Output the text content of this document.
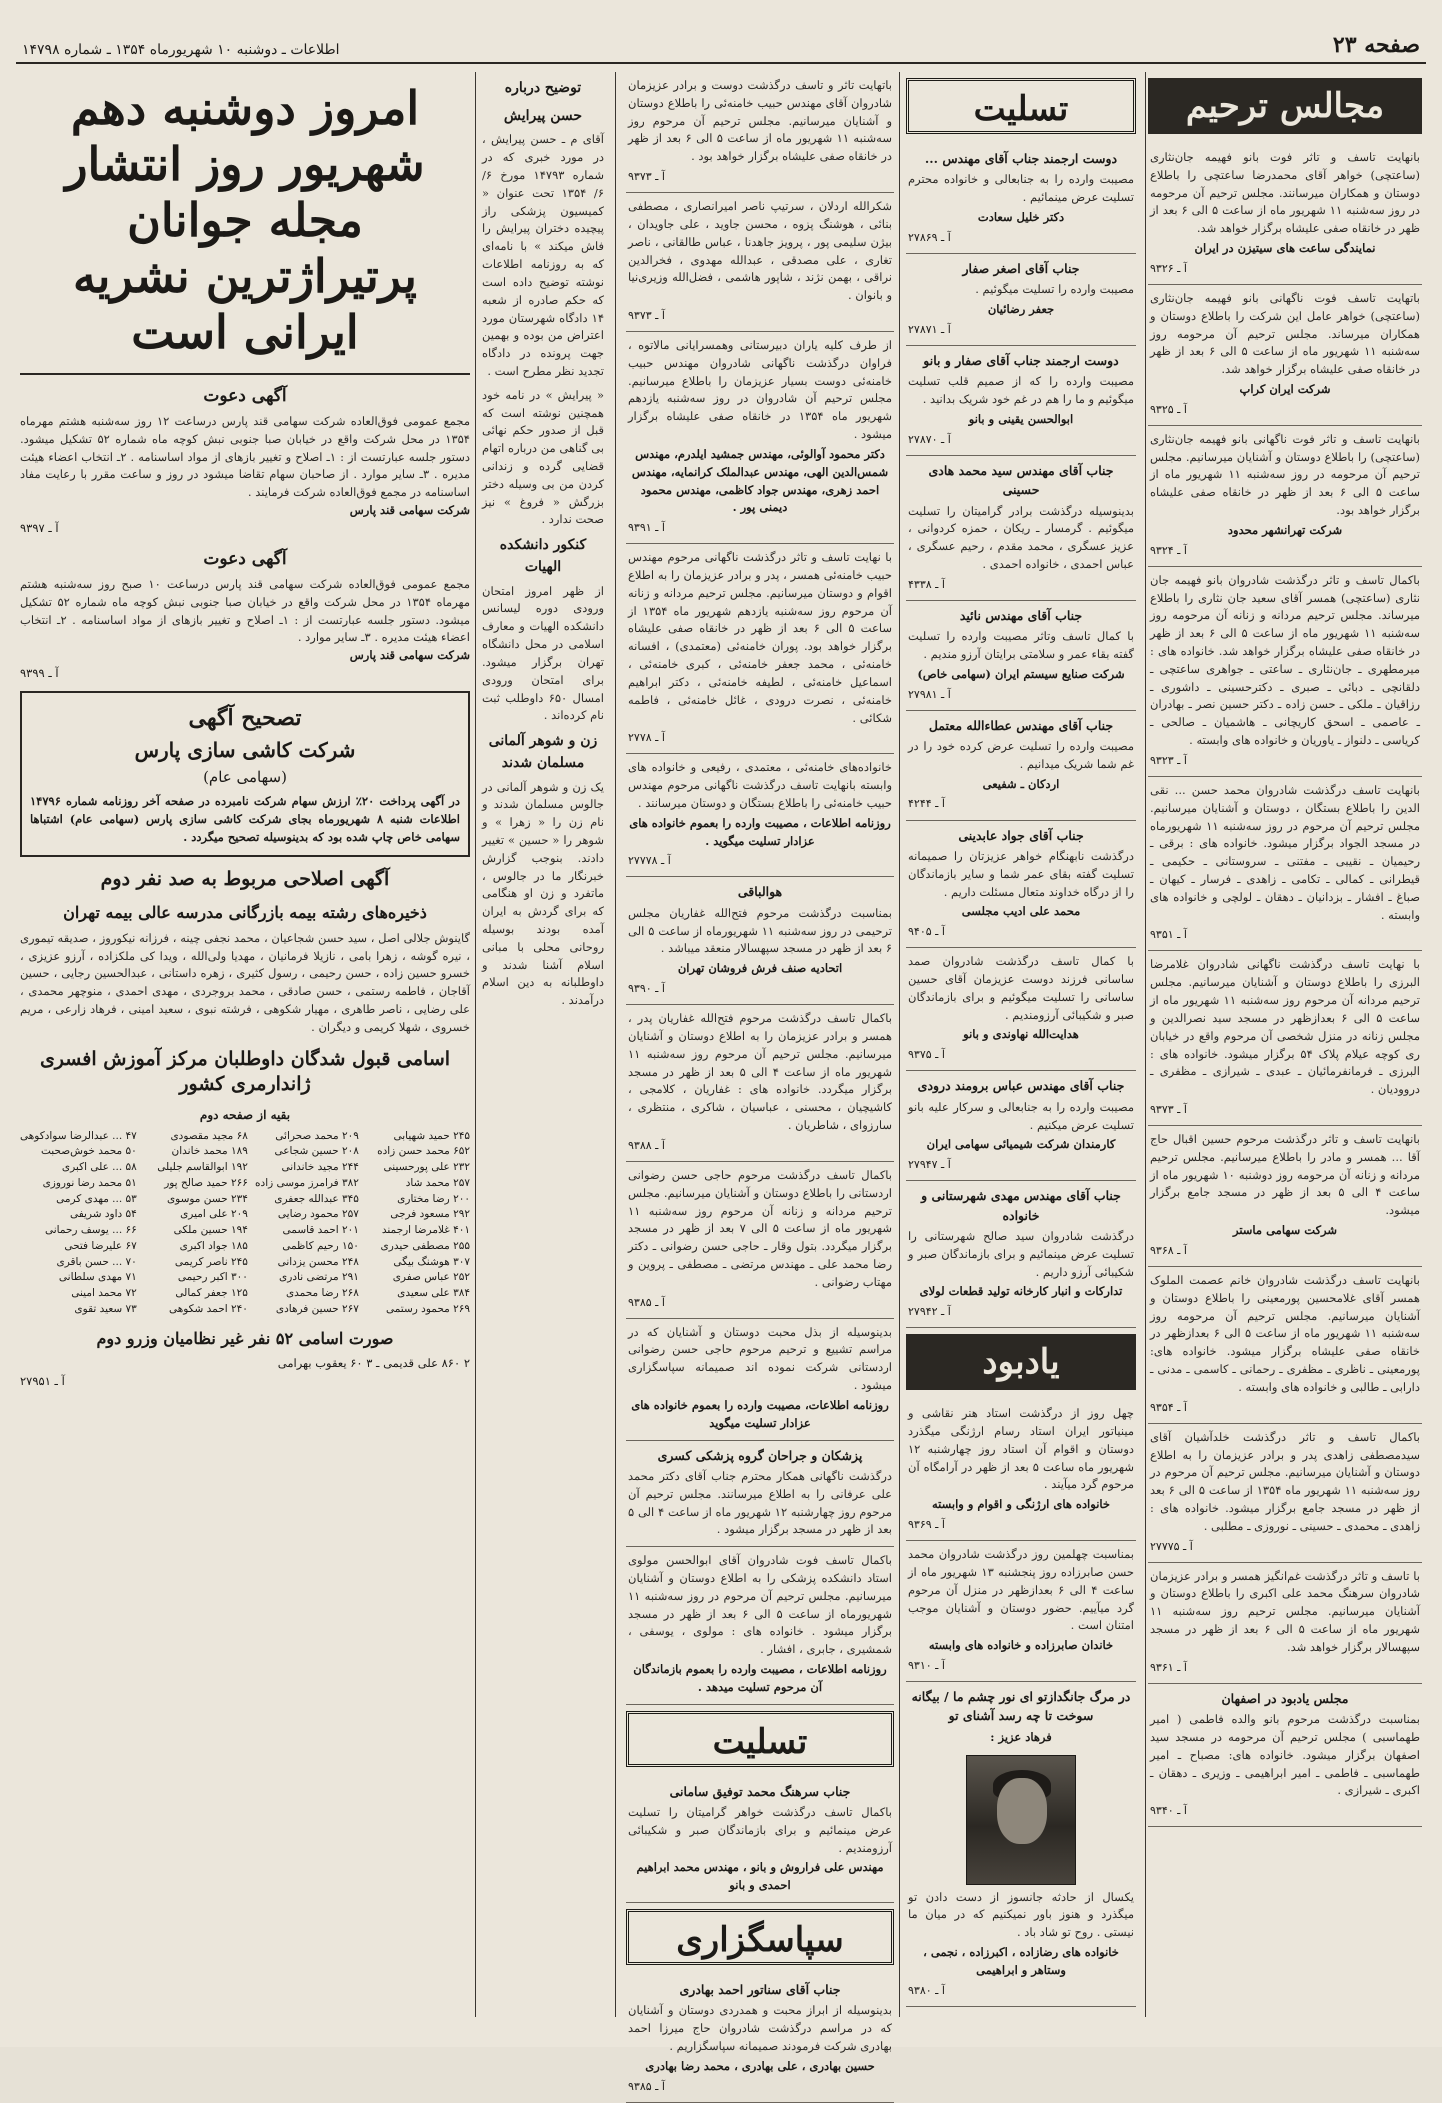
صفحه ۲۳
اطلاعات ـ دوشنبه ۱۰ شهریورماه ۱۳۵۴ ـ شماره ۱۴۷۹۸
مجالس ترحیم
بانهایت تاسف و تاثر فوت بانو فهیمه جان‌نثاری (ساعتچی) خواهر آقای محمدرضا ساعتچی را باطلاع دوستان و همکاران میرسانند. مجلس ترحیم آن مرحومه در روز سه‌شنبه ۱۱ شهریور ماه از ساعت ۵ الی ۶ بعد از ظهر در خانقاه صفی علیشاه برگزار خواهد شد.
نمایندگی ساعت های سیتیزن در ایران
آ ـ ۹۳۲۶
باتهایت تاسف فوت ناگهانی بانو فهیمه جان‌نثاری (ساعتچی) خواهر عامل این شرکت را باطلاع دوستان و همکاران میرساند. مجلس ترحیم آن مرحومه روز سه‌شنبه ۱۱ شهریور ماه از ساعت ۵ الی ۶ بعد از ظهر در خانقاه صفی علیشاه برگزار خواهد شد.
شرکت ایران کراپ
آ ـ ۹۳۲۵
بانهایت تاسف و تاثر فوت ناگهانی بانو فهیمه جان‌نثاری (ساعتچی) را باطلاع دوستان و آشنایان میرسانیم. مجلس ترحیم آن مرحومه در روز سه‌شنبه ۱۱ شهریور ماه از ساعت ۵ الی ۶ بعد از ظهر در خانقاه صفی علیشاه برگزار خواهد بود.
شرکت تهرانشهر محدود
آ ـ ۹۳۲۴
باکمال تاسف و تاثر درگذشت شادروان بانو فهیمه جان نثاری (ساعتچی) همسر آقای سعید جان نثاری را باطلاع میرساند. مجلس ترحیم مردانه و زنانه آن مرحومه روز سه‌شنبه ۱۱ شهریور ماه از ساعت ۵ الی ۶ بعد از ظهر در خانقاه صفی علیشاه برگزار خواهد شد. خانواده های : میرمطهری ـ جان‌نثاری ـ ساعتی ـ جواهری ساعتچی ـ دلقانچی ـ دبائی ـ صبری ـ دکترحسینی ـ داشوری ـ رزاقیان ـ ملکی ـ حسن زاده ـ دکتر حسین نصر ـ بهادران ـ عاصمی ـ اسحق کاریچانی ـ هاشمیان ـ صالحی ـ کریاسی ـ دلنواز ـ یاوریان و خانواده های وابسته .
آ ـ ۹۳۲۳
بانهایت تاسف درگذشت شادروان محمد حسن ... نقی الدین را باطلاع بستگان ، دوستان و آشنایان میرسانیم. مجلس ترحیم آن مرحوم در روز سه‌شنبه ۱۱ شهریورماه در مسجد الجواد برگزار میشود. خانواده های : برقی ـ رحیمیان ـ نقیبی ـ مفتنی ـ سروستانی ـ حکیمی ـ قیطرانی ـ کمالی ـ تکامی ـ زاهدی ـ فرسار ـ کیهان ـ صباغ ـ افشار ـ بزدانیان ـ دهقان ـ لولچی و خانواده های وابسته .
آ ـ ۹۳۵۱
با نهایت تاسف درگذشت ناگهانی شادروان غلامرضا البرزی را باطلاع دوستان و آشنایان میرسانیم. مجلس ترحیم مردانه آن مرحوم روز سه‌شنبه ۱۱ شهریور ماه از ساعت ۵ الی ۶ بعدازظهر در مسجد سید نصرالدین و مجلس زنانه در منزل شخصی آن مرحوم واقع در خیابان ری کوچه عیلام پلاک ۵۴ برگزار میشود. خانواده های : البرزی ـ فرمانفرمائیان ـ عبدی ـ شیرازی ـ مظفری ـ دروودیان .
آ ـ ۹۳۷۳
بانهایت تاسف و تاثر درگذشت مرحوم حسین اقبال حاج آقا ... همسر و مادر را باطلاع میرسانیم. مجلس ترحیم مردانه و زنانه آن مرحومه روز دوشنبه ۱۰ شهریور ماه از ساعت ۴ الی ۵ بعد از ظهر در مسجد جامع برگزار میشود.
شرکت سهامی ماستر
آ ـ ۹۳۶۸
بانهایت تاسف درگذشت شادروان خانم عصمت الملوک همسر آقای غلامحسین پورمعینی را باطلاع دوستان و آشنایان میرسانیم. مجلس ترحیم آن مرحومه روز سه‌شنبه ۱۱ شهریور ماه از ساعت ۵ الی ۶ بعدازظهر در خانقاه صفی علیشاه برگزار میشود. خانواده های: پورمعینی ـ ناظری ـ مظفری ـ رحمانی ـ کاسمی ـ مدنی ـ دارابی ـ طالبی و خانواده های وابسته .
آ ـ ۹۳۵۴
باکمال تاسف و تاثر درگذشت خلدآشیان آقای سیدمصطفی زاهدی پدر و برادر عزیزمان را به اطلاع دوستان و آشنایان میرسانیم. مجلس ترحیم آن مرحوم در روز سه‌شنبه ۱۱ شهریور ماه ۱۳۵۴ از ساعت ۵ الی ۶ بعد از ظهر در مسجد جامع برگزار میشود. خانواده های : زاهدی ـ محمدی ـ حسینی ـ نوروزی ـ مطلبی .
آ ـ ۲۷۷۷۵
با تاسف و تاثر درگذشت غم‌انگیز همسر و برادر عزیزمان شادروان سرهنگ محمد علی اکبری را باطلاع دوستان و آشنایان میرسانیم. مجلس ترحیم روز سه‌شنبه ۱۱ شهریور ماه از ساعت ۵ الی ۶ بعد از ظهر در مسجد سپهسالار برگزار خواهد شد.
آ ـ ۹۳۶۱
مجلس یادبود در اصفهان
بمناسبت درگذشت مرحوم بانو والده فاطمی ( امیر طهماسبی ) مجلس ترحیم آن مرحومه در مسجد سید اصفهان برگزار میشود. خانواده های: مصباح ـ امیر طهماسبی ـ فاطمی ـ امیر ابراهیمی ـ وزیری ـ دهقان ـ اکبری ـ شیرازی .
آ ـ ۹۳۴۰
تسلیت
دوست ارجمند جناب آقای مهندس ...
مصیبت وارده را به جنابعالی و خانواده محترم تسلیت عرض مینمائیم .
دکتر خلیل سعادت
آ ـ ۲۷۸۶۹
جناب آقای اصغر صفار
مصیبت وارده را تسلیت میگوئیم .
جعفر رضائیان
آ ـ ۲۷۸۷۱
دوست ارجمند جناب آقای صفار و بانو
مصیبت وارده را که از صمیم قلب تسلیت میگوئیم و ما را هم در غم خود شریک بدانید .
ابوالحسن یقینی و بانو
آ ـ ۲۷۸۷۰
جناب آقای مهندس سید محمد هادی حسینی
بدینوسیله درگذشت برادر گرامیتان را تسلیت میگوئیم . گرمسار ـ ریکان ، حمزه کردوانی ، عزیز عسگری ، محمد مقدم ، رحیم عسگری ، عباس احمدی ، خانواده احمدی .
آ ـ ۴۳۳۸
جناب آقای مهندس نائید
با کمال تاسف وتاثر مصیبت وارده را تسلیت گفته بقاء عمر و سلامتی برایتان آرزو مندیم .
شرکت صنایع سیستم ایران (سهامی خاص)
آ ـ ۲۷۹۸۱
جناب آقای مهندس عطاءالله معتمل
مصیبت وارده را تسلیت عرض کرده خود را در غم شما شریک میدانیم .
اردکان ـ شفیعی
آ ـ ۴۲۴۴
جناب آقای جواد عابدینی
درگذشت نابهنگام خواهر عزیزتان را صمیمانه تسلیت گفته بقای عمر شما و سایر بازماندگان را از درگاه خداوند متعال مسئلت داریم .
محمد علی ادیب مجلسی
آ ـ ۹۴۰۵
با کمال تاسف درگذشت شادروان صمد ساسانی فرزند دوست عزیزمان آقای حسین ساسانی را تسلیت میگوئیم و برای بازماندگان صبر و شکیبائی آرزومندیم .
هدایت‌الله نهاوندی و بانو
آ ـ ۹۳۷۵
جناب آقای مهندس عباس برومند درودی
مصیبت وارده را به جنابعالی و سرکار علیه بانو تسلیت عرض میکنیم .
کارمندان شرکت شیمیائی سهامی ایران
آ ـ ۲۷۹۴۷
جناب آقای مهندس مهدی شهرستانی و خانواده
درگذشت شادروان سید صالح شهرستانی را تسلیت عرض مینمائیم و برای بازماندگان صبر و شکیبائی آرزو داریم .
تدارکات و انبار کارخانه تولید قطعات لولای
آ ـ ۲۷۹۴۲
یادبود
چهل روز از درگذشت استاد هنر نقاشی و مینیاتور ایران استاد رسام ارژنگی میگذرد دوستان و اقوام آن استاد روز چهارشنبه ۱۲ شهریور ماه ساعت ۵ بعد از ظهر در آرامگاه آن مرحوم گرد میآیند .
خانواده های ارژنگی و اقوام و وابسته
آ ـ ۹۳۶۹
بمناسبت چهلمین روز درگذشت شادروان محمد حسن صابرزاده روز پنجشنبه ۱۳ شهریور ماه از ساعت ۴ الی ۶ بعدازظهر در منزل آن مرحوم گرد میآییم. حضور دوستان و آشنایان موجب امتنان است .
خاندان صابرزاده و خانواده های وابسته
آ ـ ۹۳۱۰
در مرگ جانگدازتو ای نور چشم ما / بیگانه سوخت تا چه رسد آشنای تو
فرهاد عزیز :
یکسال از حادثه جانسوز از دست دادن تو میگذرد و هنوز باور نمیکنیم که در میان ما نیستی . روح تو شاد باد .
خانواده های رضازاده ، اکبرزاده ، نجمی ، وستاهر و ابراهیمی
آ ـ ۹۳۸۰
باتهایت تاثر و تاسف درگذشت دوست و برادر عزیزمان شادروان آقای مهندس حبیب خامنه‌ئی را باطلاع دوستان و آشنایان میرسانیم. مجلس ترحیم آن مرحوم روز سه‌شنبه ۱۱ شهریور ماه از ساعت ۵ الی ۶ بعد از ظهر در خانقاه صفی علیشاه برگزار خواهد بود .
آ ـ ۹۳۷۳
شکرالله اردلان ، سرتیپ ناصر امیرانصاری ، مصطفی بنائی ، هوشنگ پزوه ، محسن جاوید ، علی جاویدان ، بیژن سلیمی پور ، پرویز جاهدنا ، عباس طالقانی ، ناصر تغاری ، علی مصدقی ، عبدالله مهدوی ، فخرالدین نراقی ، بهمن نژند ، شاپور هاشمی ، فضل‌الله وزیری‌نیا و بانوان .
آ ـ ۹۳۷۳
از طرف کلیه یاران دبیرستانی وهمسرایانی مالاتوه ، فراوان درگذشت ناگهانی شادروان مهندس حبیب خامنه‌ئی دوست بسیار عزیزمان را باطلاع میرسانیم. مجلس ترحیم آن شادروان در روز سه‌شنبه یازدهم شهریور ماه ۱۳۵۴ در خانقاه صفی علیشاه برگزار میشود .
دکتر محمود آوالوئی، مهندس جمشید ایلدرم، مهندس شمس‌الدین الهی، مهندس عبدالملک کرانمایه، مهندس احمد زهری، مهندس جواد کاظمی، مهندس محمود دیمنی پور .
آ ـ ۹۳۹۱
با نهایت تاسف و تاثر درگذشت ناگهانی مرحوم مهندس حبیب خامنه‌ئی همسر ، پدر و برادر عزیزمان را به اطلاع اقوام و دوستان میرسانیم. مجلس ترحیم مردانه و زنانه آن مرحوم روز سه‌شنبه یازدهم شهریور ماه ۱۳۵۴ از ساعت ۵ الی ۶ بعد از ظهر در خانقاه صفی علیشاه برگزار خواهد بود. پوران خامنه‌ئی (معتمدی) ، افسانه خامنه‌ئی ، محمد جعفر خامنه‌ئی ، کبری خامنه‌ئی ، اسماعیل خامنه‌ئی ، لطیفه خامنه‌ئی ، دکتر ابراهیم خامنه‌ئی ، نصرت درودی ، غائل خامنه‌ئی ، فاطمه شکائی .
آ ـ ۲۷۷۸
خانواده‌های خامنه‌ئی ، معتمدی ، رفیعی و خانواده های وابسته بانهایت تاسف درگذشت ناگهانی مرحوم مهندس حبیب خامنه‌ئی را باطلاع بستگان و دوستان میرسانند .
روزنامه اطلاعات ، مصیبت وارده را بعموم خانواده های عزادار تسلیت میگوید .
آ ـ ۲۷۷۷۸
هوالباقی
بمناسبت درگذشت مرحوم فتح‌الله غفاریان مجلس ترحیمی در روز سه‌شنبه ۱۱ شهریورماه از ساعت ۵ الی ۶ بعد از ظهر در مسجد سپهسالار منعقد میباشد .
اتحادیه صنف فرش فروشان تهران
آ ـ ۹۳۹۰
باکمال تاسف درگذشت مرحوم فتح‌الله غفاریان پدر ، همسر و برادر عزیزمان را به اطلاع دوستان و آشنایان میرسانیم. مجلس ترحیم آن مرحوم روز سه‌شنبه ۱۱ شهریور ماه از ساعت ۴ الی ۵ بعد از ظهر در مسجد برگزار میگردد. خانواده های : غفاریان ، کلامجی ، کاشیچیان ، محسنی ، عباسیان ، شاکری ، منتظری ، سارزوای ، شاطریان .
آ ـ ۹۳۸۸
باکمال تاسف درگذشت مرحوم حاجی حسن رضوانی اردستانی را باطلاع دوستان و آشنایان میرسانیم. مجلس ترحیم مردانه و زنانه آن مرحوم روز سه‌شنبه ۱۱ شهریور ماه از ساعت ۵ الی ۷ بعد از ظهر در مسجد برگزار میگردد. بتول وقار ـ حاجی حسن رضوانی ـ دکتر رضا محمد علی ـ مهندس مرتضی ـ مصطفی ـ پروین و مهتاب رضوانی .
آ ـ ۹۳۸۵
بدینوسیله از بذل محبت دوستان و آشنایان که در مراسم تشییع و ترحیم مرحوم حاجی حسن رضوانی اردستانی شرکت نموده اند صمیمانه سپاسگزاری میشود .
روزنامه اطلاعات، مصیبت وارده را بعموم خانواده های عزادار تسلیت میگوید
پزشکان و جراحان گروه پزشکی کسری
درگذشت ناگهانی همکار محترم جناب آقای دکتر محمد علی عرفانی را به اطلاع میرسانند. مجلس ترحیم آن مرحوم روز چهارشنبه ۱۲ شهریور ماه از ساعت ۴ الی ۵ بعد از ظهر در مسجد برگزار میشود .
باکمال تاسف فوت شادروان آقای ابوالحسن مولوی استاد دانشکده پزشکی را به اطلاع دوستان و آشنایان میرسانیم. مجلس ترحیم آن مرحوم در روز سه‌شنبه ۱۱ شهریورماه از ساعت ۵ الی ۶ بعد از ظهر در مسجد برگزار میشود . خانواده های : مولوی ، یوسفی ، شمشیری ، جابری ، افشار .
روزنامه اطلاعات ، مصیبت وارده را بعموم بازماندگان آن مرحوم تسلیت میدهد .
تسلیت
جناب سرهنگ محمد توفیق سامانی
باکمال تاسف درگذشت خواهر گرامیتان را تسلیت عرض مینمائیم و برای بازماندگان صبر و شکیبائی آرزومندیم .
مهندس علی فراروش و بانو ، مهندس محمد ابراهیم احمدی و بانو
سپاسگزاری
جناب آقای سناتور احمد بهادری
بدینوسیله از ابراز محبت و همدردی دوستان و آشنایان که در مراسم درگذشت شادروان حاج میرزا احمد بهادری شرکت فرمودند صمیمانه سپاسگزاریم .
حسین بهادری ، علی بهادری ، محمد رضا بهادری
آ ـ ۹۳۸۵
توضیح درباره
حسن پیرایش
آقای م ـ حسن پیرایش ، در مورد خبری که در شماره ۱۴۷۹۳ مورخ ۶/ ۶/ ۱۳۵۴ تحت عنوان « کمیسیون پزشکی راز پیچیده دختران پیرایش را فاش میکند » با نامه‌ای که به روزنامه اطلاعات نوشته توضیح داده است که حکم صادره از شعبه ۱۴ دادگاه شهرستان مورد اعتراض من بوده و بهمین جهت پرونده در دادگاه تجدید نظر مطرح است .
« پیرایش » در نامه خود همچنین نوشته است که قبل از صدور حکم نهائی بی گناهی من درباره اتهام قضایی گرده و زندانی کردن من بی وسیله دختر بزرگش « فروغ » نیز صحت ندارد .
کنکور دانشکده الهیات
از ظهر امروز امتحان ورودی دوره لیسانس دانشکده الهیات و معارف اسلامی در محل دانشگاه تهران برگزار میشود. برای امتحان ورودی امسال ۶۵۰ داوطلب ثبت نام کرده‌اند .
زن و شوهر آلمانی مسلمان شدند
یک زن و شوهر آلمانی در جالوس مسلمان شدند و نام زن را « زهرا » و شوهر را « حسین » تغییر دادند. بنوجب گزارش خبرنگار ما در جالوس ، ماتفرد و زن او هنگامی که برای گردش به ایران آمده بودند بوسیله روحانی محلی با مبانی اسلام آشنا شدند و داوطلبانه به دین اسلام درآمدند .
امروز دوشنبه دهم شهریور روز انتشار مجله جوانان پرتیراژترین نشریه ایرانی است
آگهی دعوت
مجمع عمومی فوق‌العاده شرکت سهامی قند پارس درساعت ۱۲ روز سه‌شنبه هشتم مهرماه ۱۳۵۴ در محل شرکت واقع در خیابان صبا جنوبی نبش کوچه ماه شماره ۵۲ تشکیل میشود. دستور جلسه عبارتست از : ۱ـ اصلاح و تغییر بازهای از مواد اساسنامه . ۲ـ انتخاب اعضاء هیئت مدیره . ۳ـ سایر موارد . از صاحبان سهام تقاضا میشود در روز و ساعت مقرر با رعایت مفاد اساسنامه در مجمع فوق‌العاده شرکت فرمایند .
شرکت سهامی قند پارس
آ ـ ۹۳۹۷
آگهی دعوت
مجمع عمومی فوق‌العاده شرکت سهامی قند پارس درساعت ۱۰ صبح روز سه‌شنبه هشتم مهرماه ۱۳۵۴ در محل شرکت واقع در خیابان صبا جنوبی نبش کوچه ماه شماره ۵۲ تشکیل میشود. دستور جلسه عبارتست از : ۱ـ اصلاح و تغییر بازهای از مواد اساسنامه . ۲ـ انتخاب اعضاء هیئت مدیره . ۳ـ سایر موارد .
شرکت سهامی قند پارس
آ ـ ۹۳۹۹
تصحیح آگهی
شرکت کاشی سازی پارس
(سهامی عام)
در آگهی پرداخت ۲۰٪ ارزش سهام شرکت نامبرده در صفحه آخر روزنامه شماره ۱۴۷۹۶ اطلاعات شنبه ۸ شهریورماه بجای شرکت کاشی سازی پارس (سهامی عام) اشتباها سهامی خاص چاپ شده بود که بدینوسیله تصحیح میگردد .
آگهی اصلاحی مربوط به صد نفر دوم
ذخیره‌های رشته بیمه بازرگانی مدرسه عالی بیمه تهران
گاینوش جلالی اصل ، سید حسن شجاعیان ، محمد نجفی چینه ، فرزانه نیکوروز ، صدیقه تیموری ، نیره گوشه ، زهرا بامی ، نازیلا فرمانیان ، مهدیا ولی‌الله ، ویدا کی ملکزاده ، آرزو عزیزی ، خسرو حسین زاده ، حسن رحیمی ، رسول کثیری ، زهره داستانی ، عبدالحسین رجایی ، حسین آقاجان ، فاطمه رستمی ، حسن صادقی ، محمد بروجردی ، مهدی احمدی ، منوچهر محمدی ، علی رضایی ، ناصر طاهری ، مهیار شکوهی ، فرشته نبوی ، سعید امینی ، فرهاد زارعی ، مریم خسروی ، شهلا کریمی و دیگران .
اسامی قبول شدگان داوطلبان مرکز آموزش افسری ژاندارمری کشور
بقیه از صفحه دوم
۲۴۵ حمید شهیابی
۲۰۹ محمد صحرائی
۶۸ مجید مقصودی
۴۷ ... عبدالرضا سوادکوهی
۶۵۲ محمد حسن زاده
۲۰۸ حسین شجاعی
۱۸۹ محمد خاندان
۵۰ محمد خوش‌صحبت
۲۳۲ علی پورحسینی
۲۴۴ مجید خاندانی
۱۹۲ ابوالقاسم جلیلی
۵۸ ... علی اکبری
۲۵۷ محمد شاد
۳۸۲ فرامرز موسی زاده
۲۶۶ حمید صالح پور
۵۱ محمد رضا نوروزی
۲۰۰ رضا مختاری
۳۴۵ عبدالله جعفری
۲۳۴ حسن موسوی
۵۳ ... مهدی کرمی
۲۹۲ مسعود فرجی
۲۵۷ محمود رضایی
۲۰۹ علی امیری
۵۴ داود شریفی
۴۰۱ غلامرضا ارجمند
۲۰۱ احمد قاسمی
۱۹۴ حسین ملکی
۶۶ ... یوسف رحمانی
۲۵۵ مصطفی حیدری
۱۵۰ رحیم کاظمی
۱۸۵ جواد اکبری
۶۷ علیرضا فتحی
۳۰۷ هوشنگ بیگی
۲۴۸ محسن یزدانی
۲۴۵ ناصر کریمی
۷۰ ... حسن باقری
۲۵۲ عباس صفری
۲۹۱ مرتضی نادری
۳۰۰ اکبر رحیمی
۷۱ مهدی سلطانی
۳۸۴ علی سعیدی
۲۶۸ رضا محمدی
۱۲۵ جعفر کمالی
۷۲ محمد امینی
۲۶۹ محمود رستمی
۲۶۷ حسین فرهادی
۲۴۰ احمد شکوهی
۷۳ سعید تقوی
صورت اسامی ۵۲ نفر غیر نظامیان وزرو دوم
۲ ۸۶۰ علی قدیمی ـ ۳ ۶۰ یعقوب بهرامی
آ ـ ۲۷۹۵۱
